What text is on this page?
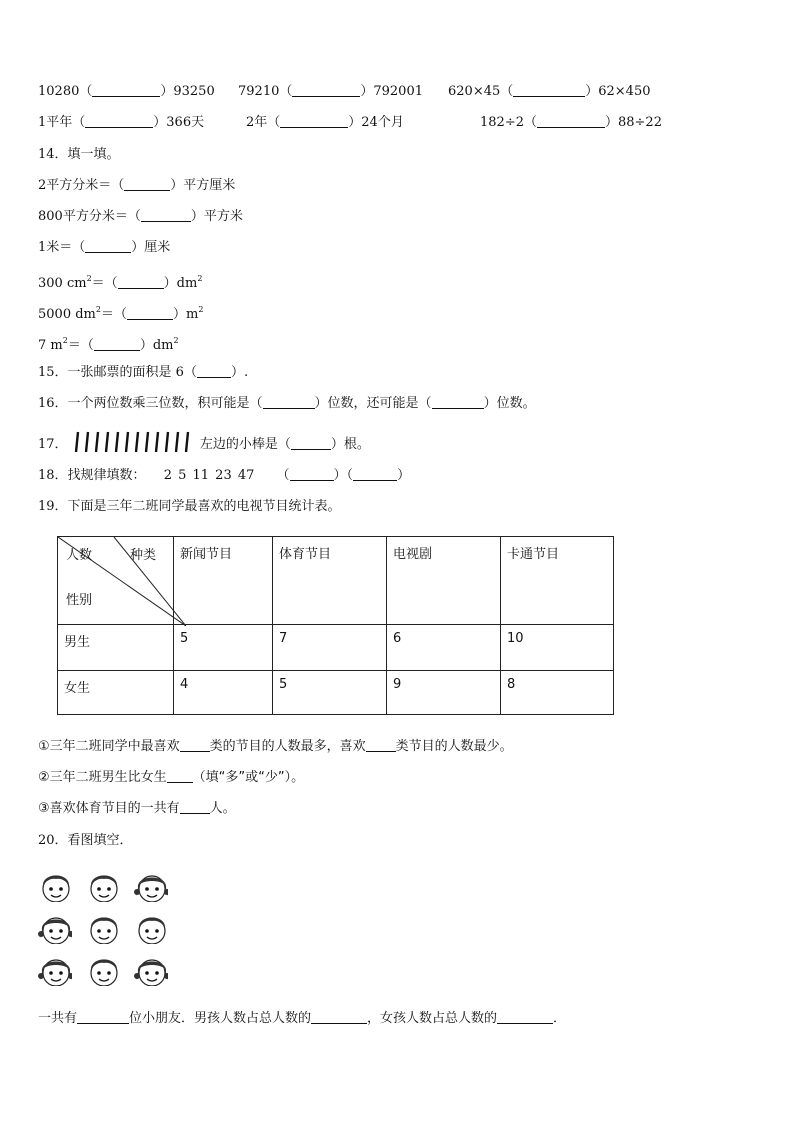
10280（	）93250 79210（	）792001 620×45（	）62×450
1平年（	）366天	2年（	）24个月	182÷2（	）88÷22
14．填一填。
2平方分米＝（	）平方厘米
800平方分米＝（	）平方米
1米＝（	）厘米
300 $cm^2=$（	）$dm^2$
5000 $dm^2=$（	）$m^2$
7 $m^2=$（	）$dm^2$
15．一张邮票的面积是 6（	）.
16．一个两位数乘三位数，积可能是（	）位数，还可能是（	）位数。
17．	左边的小棒是（	）根。
18．找规律填数： 2 5 11 23 47 （	）（	）
19．下面是三年二班同学最喜欢的电视节目统计表。
人数 种类
性别	新闻节目	体育节目	电视剧	卡通节目
男生	5	7	6	10
女生	4	5	9	8
①三年二班同学中最喜欢 类的节目的人数最多，喜欢 类节目的人数最少。
②三年二班男生比女生 （填“多”或“少”）。
③喜欢体育节目的一共有 人。
20．看图填空．
一共有	位小朋友．男孩人数占总人数的	，女孩人数占总人数的	．
